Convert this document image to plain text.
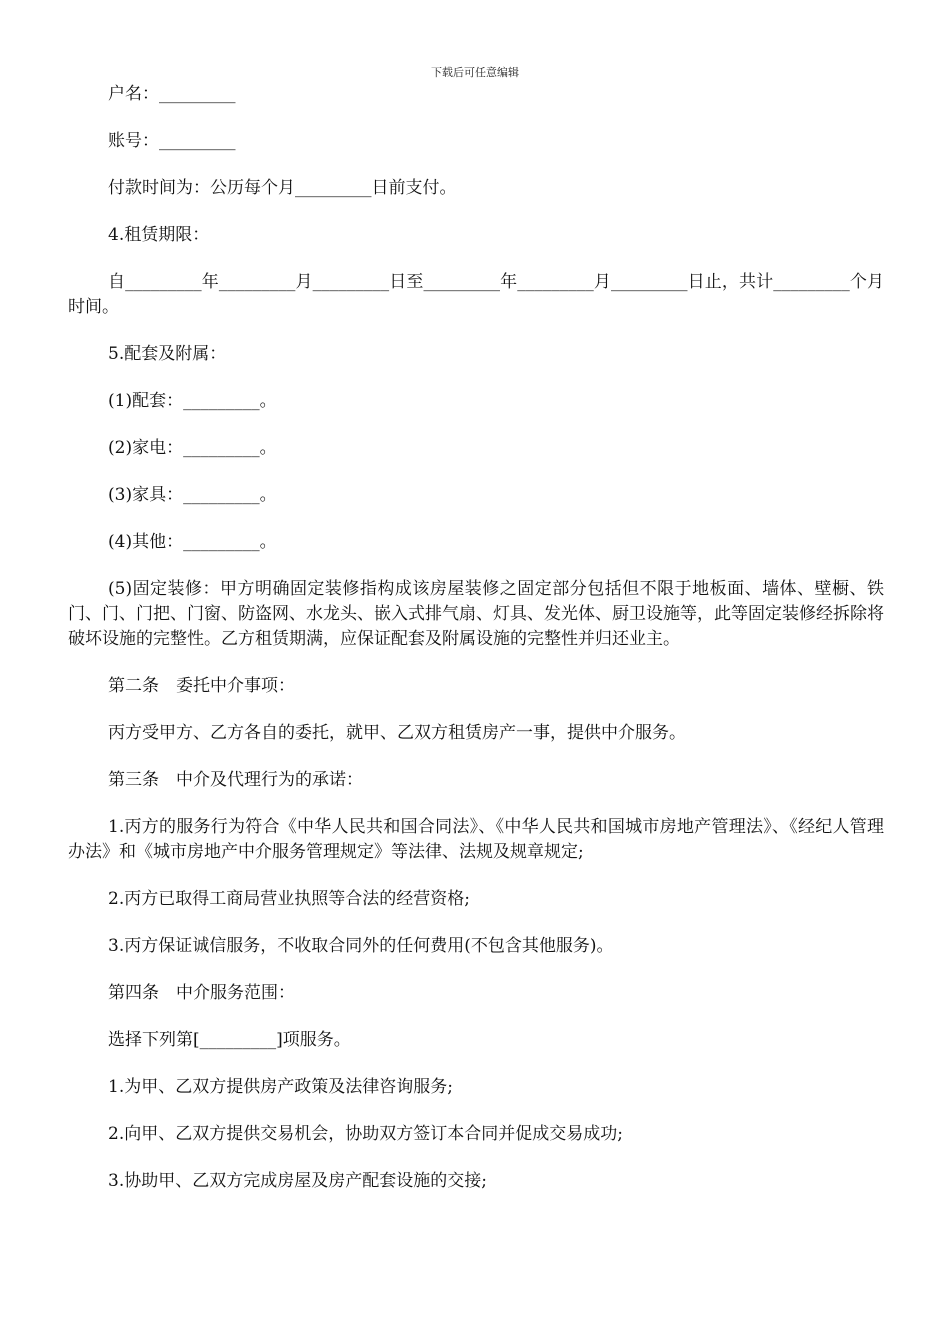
下载后可任意编辑

户名：_________

账号：_________

付款时间为：公历每个月_________日前支付。

4.租赁期限：

自_________年_________月_________日至_________年_________月_________日止，共计_________个月时间。

5.配套及附属：

(1)配套：_________。

(2)家电：_________。

(3)家具：_________。

(4)其他：_________。

(5)固定装修：甲方明确固定装修指构成该房屋装修之固定部分包括但不限于地板面、墙体、壁橱、铁门、门、门把、门窗、防盗网、水龙头、嵌入式排气扇、灯具、发光体、厨卫设施等，此等固定装修经拆除将破坏设施的完整性。乙方租赁期满，应保证配套及附属设施的完整性并归还业主。

第二条　委托中介事项：

丙方受甲方、乙方各自的委托，就甲、乙双方租赁房产一事，提供中介服务。

第三条　中介及代理行为的承诺：

1.丙方的服务行为符合《中华人民共和国合同法》、《中华人民共和国城市房地产管理法》、《经纪人管理办法》和《城市房地产中介服务管理规定》等法律、法规及规章规定;

2.丙方已取得工商局营业执照等合法的经营资格;

3.丙方保证诚信服务，不收取合同外的任何费用(不包含其他服务)。

第四条　中介服务范围：

选择下列第[_________]项服务。

1.为甲、乙双方提供房产政策及法律咨询服务;

2.向甲、乙双方提供交易机会，协助双方签订本合同并促成交易成功;

3.协助甲、乙双方完成房屋及房产配套设施的交接;
